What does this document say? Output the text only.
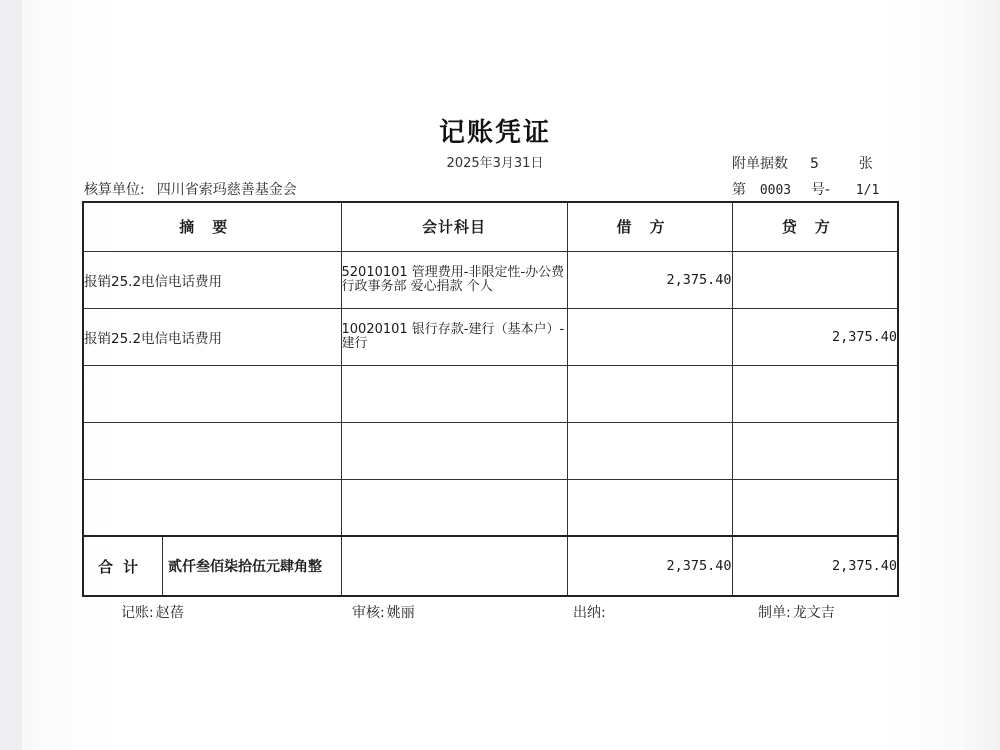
记账凭证
2025年3月31日
核算单位: 四川省索玛慈善基金会
附单据数 5	张
第 0003 号- 1/1
摘要	会计科目	借方	贷方
报销25.2电信电话费用	52010101 管理费用-非限定性-办公费 行政事务部 爱心捐款 个人	2,375.40	
报销25.2电信电话费用	10020101 银行存款-建行（基本户）-建行		2,375.40

合计 贰仟叁佰柒拾伍元肆角整		2,375.40	2,375.40
记账: 赵蓓	审核: 姚丽	出纳:	制单: 龙文吉
